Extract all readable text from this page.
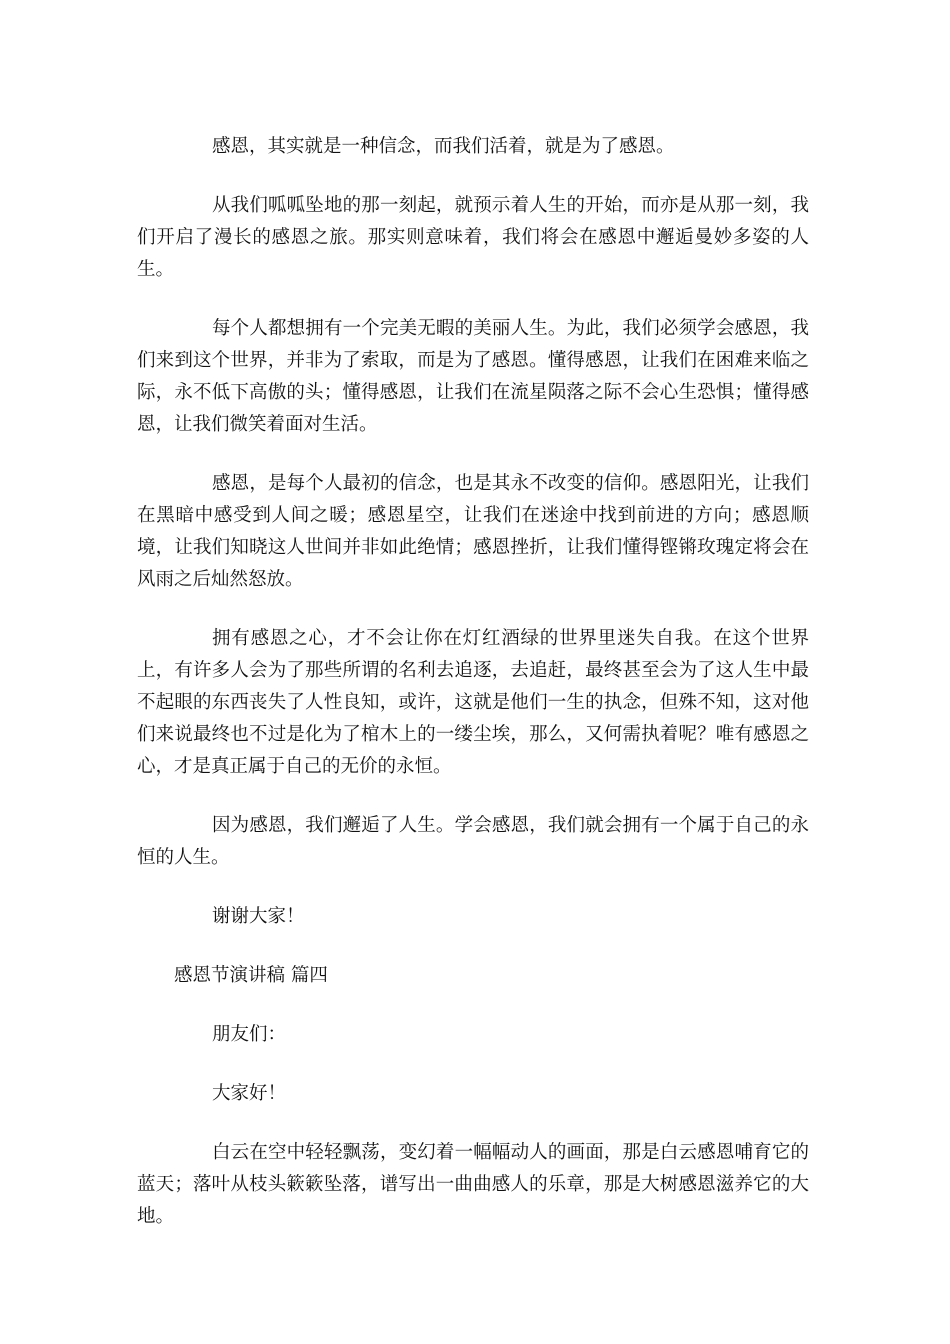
感恩，其实就是一种信念，而我们活着，就是为了感恩。

从我们呱呱坠地的那一刻起，就预示着人生的开始，而亦是从那一刻，我们开启了漫长的感恩之旅。那实则意味着，我们将会在感恩中邂逅曼妙多姿的人生。

每个人都想拥有一个完美无暇的美丽人生。为此，我们必须学会感恩，我们来到这个世界，并非为了索取，而是为了感恩。懂得感恩，让我们在困难来临之际，永不低下高傲的头；懂得感恩，让我们在流星陨落之际不会心生恐惧；懂得感恩，让我们微笑着面对生活。

感恩，是每个人最初的信念，也是其永不改变的信仰。感恩阳光，让我们在黑暗中感受到人间之暖；感恩星空，让我们在迷途中找到前进的方向；感恩顺境，让我们知晓这人世间并非如此绝情；感恩挫折，让我们懂得铿锵玫瑰定将会在风雨之后灿然怒放。

拥有感恩之心，才不会让你在灯红酒绿的世界里迷失自我。在这个世界上，有许多人会为了那些所谓的名利去追逐，去追赶，最终甚至会为了这人生中最不起眼的东西丧失了人性良知，或许，这就是他们一生的执念，但殊不知，这对他们来说最终也不过是化为了棺木上的一缕尘埃，那么，又何需执着呢？唯有感恩之心，才是真正属于自己的无价的永恒。

因为感恩，我们邂逅了人生。学会感恩，我们就会拥有一个属于自己的永恒的人生。

谢谢大家！

感恩节演讲稿 篇四

朋友们：

大家好！

白云在空中轻轻飘荡，变幻着一幅幅动人的画面，那是白云感恩哺育它的蓝天；落叶从枝头簌簌坠落，谱写出一曲曲感人的乐章，那是大树感恩滋养它的大地。
